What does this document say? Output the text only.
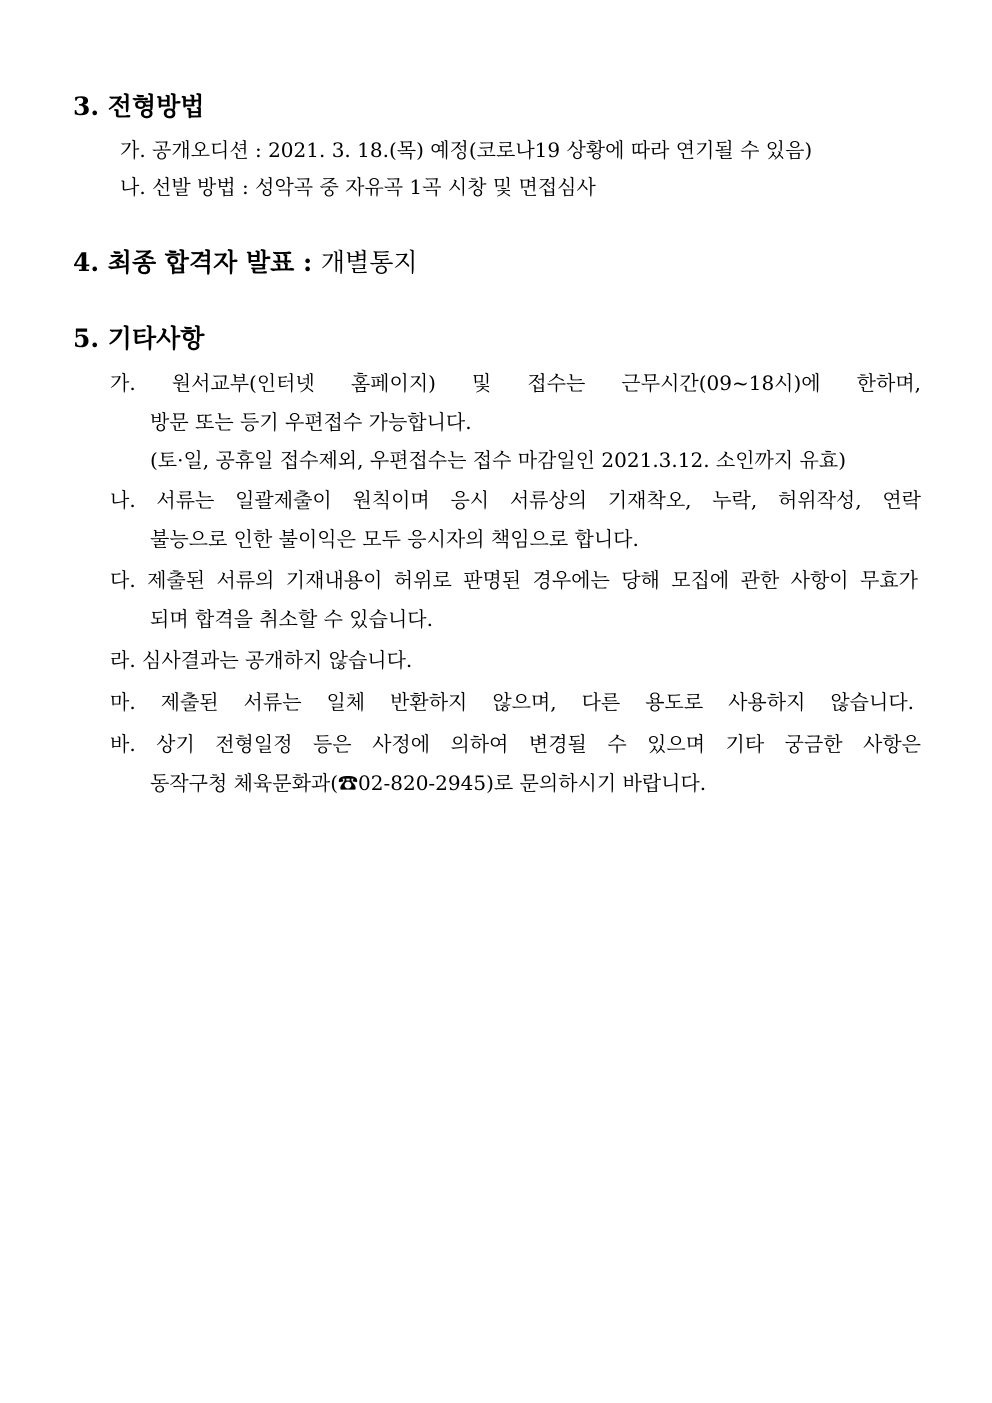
3. 전형방법
가. 공개오디션 : 2021. 3. 18.(목) 예정(코로나19 상황에 따라 연기될 수 있음)
나. 선발 방법 : 성악곡 중 자유곡 1곡 시창 및 면접심사
4. 최종 합격자 발표 : 개별통지
5. 기타사항
가. 원서교부(인터넷 홈페이지) 및 접수는 근무시간(09~18시)에 한하며,
방문 또는 등기 우편접수 가능합니다.
(토·일, 공휴일 접수제외, 우편접수는 접수 마감일인 2021.3.12. 소인까지 유효)
나. 서류는 일괄제출이 원칙이며 응시 서류상의 기재착오, 누락, 허위작성, 연락
불능으로 인한 불이익은 모두 응시자의 책임으로 합니다.
다. 제출된 서류의 기재내용이 허위로 판명된 경우에는 당해 모집에 관한 사항이 무효가
되며 합격을 취소할 수 있습니다.
라. 심사결과는 공개하지 않습니다.
마. 제출된 서류는 일체 반환하지 않으며, 다른 용도로 사용하지 않습니다.
바. 상기 전형일정 등은 사정에 의하여 변경될 수 있으며 기타 궁금한 사항은
동작구청 체육문화과(☎02-820-2945)로 문의하시기 바랍니다.
